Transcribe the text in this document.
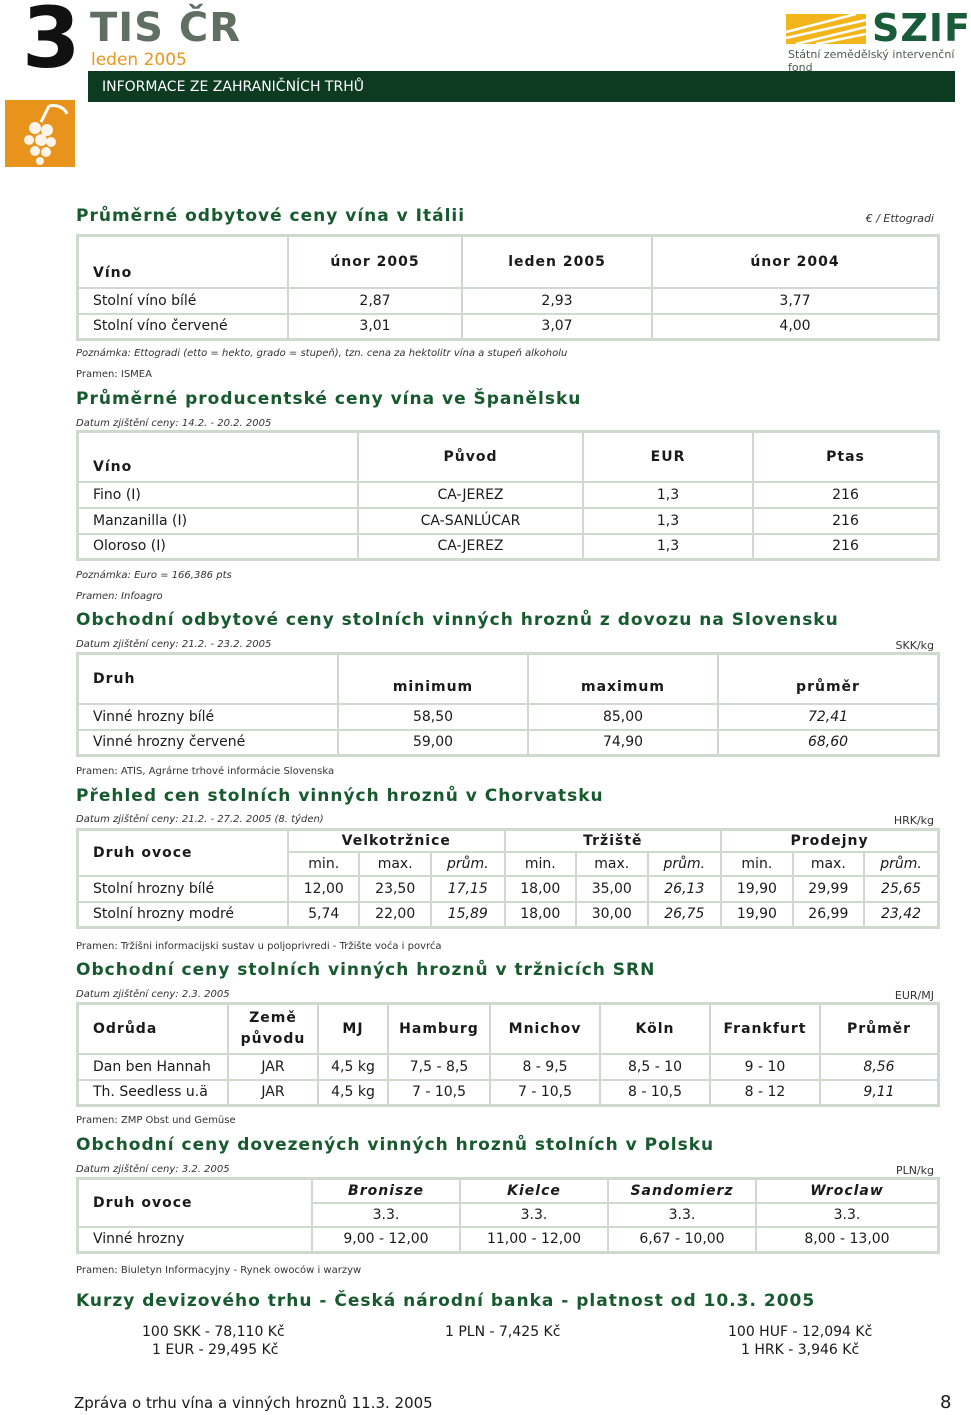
3 TIS ČR
leden 2005
INFORMACE ZE ZAHRANIČNÍCH TRHŮ
SZIF
Státní zemědělský intervenční fond
Průměrné odbytové ceny vína v Itálii	€ / Ettogradi
Víno	únor 2005	leden 2005	únor 2004
Stolní víno bílé	2,87	2,93	3,77
Stolní víno červené	3,01	3,07	4,00
Poznámka: Ettogradi (etto = hekto, grado = stupeň), tzn. cena za hektolitr vína a stupeň alkoholu
Pramen: ISMEA
Průměrné producentské ceny vína ve Španělsku
Datum zjištění ceny: 14.2. - 20.2. 2005
Víno	Původ	EUR	Ptas
Fino (I)	CA-JEREZ	1,3	216
Manzanilla (I)	CA-SANLÚCAR	1,3	216
Oloroso (I)	CA-JEREZ	1,3	216
Poznámka: Euro = 166,386 pts
Pramen: Infoagro
Obchodní odbytové ceny stolních vinných hroznů z dovozu na Slovensku
Datum zjištění ceny: 21.2. - 23.2. 2005	SKK/kg
Druh	minimum	maximum	průměr
Vinné hrozny bílé	58,50	85,00	72,41
Vinné hrozny červené	59,00	74,90	68,60
Pramen: ATIS, Agrárne trhové informácie Slovenska
Přehled cen stolních vinných hroznů v Chorvatsku
Datum zjištění ceny: 21.2. - 27.2. 2005 (8. týden)	HRK/kg
Druh ovoce	Velkotržnice			Tržiště			Prodejny		
	min.	max.	prům.	min.	max.	prům.	min.	max.	prům.
Stolní hrozny bílé	12,00	23,50	17,15	18,00	35,00	26,13	19,90	29,99	25,65
Stolní hrozny modré	5,74	22,00	15,89	18,00	30,00	26,75	19,90	26,99	23,42
Pramen: Tržišni informacijski sustav u poljoprivredi - Tržište voća i povrća
Obchodní ceny stolních vinných hroznů v tržnicích SRN
Datum zjištění ceny: 2.3. 2005	EUR/MJ
Odrůda	Země původu	MJ	Hamburg	Mnichov	Köln	Frankfurt	Průměr
Dan ben Hannah	JAR	4,5 kg	7,5 - 8,5	8 - 9,5	8,5 - 10	9 - 10	8,56
Th. Seedless u.ä	JAR	4,5 kg	7 - 10,5	7 - 10,5	8 - 10,5	8 - 12	9,11
Pramen: ZMP Obst und Gemüse
Obchodní ceny dovezených vinných hroznů stolních v Polsku
Datum zjištění ceny: 3.2. 2005	PLN/kg
Druh ovoce	Bronisze	Kielce	Sandomierz	Wroclaw
	3.3.	3.3.	3.3.	3.3.
Vinné hrozny	9,00 - 12,00	11,00 - 12,00	6,67 - 10,00	8,00 - 13,00
Pramen: Biuletyn Informacyjny - Rynek owoców i warzyw
Kurzy devizového trhu - Česká národní banka - platnost od 10.3. 2005
100 SKK - 78,110 Kč
1 EUR - 29,495 Kč
1 PLN - 7,425 Kč	100 HUF - 12,094 Kč
1 HRK - 3,946 Kč
Zpráva o trhu vína a vinných hroznů 11.3. 2005	8
